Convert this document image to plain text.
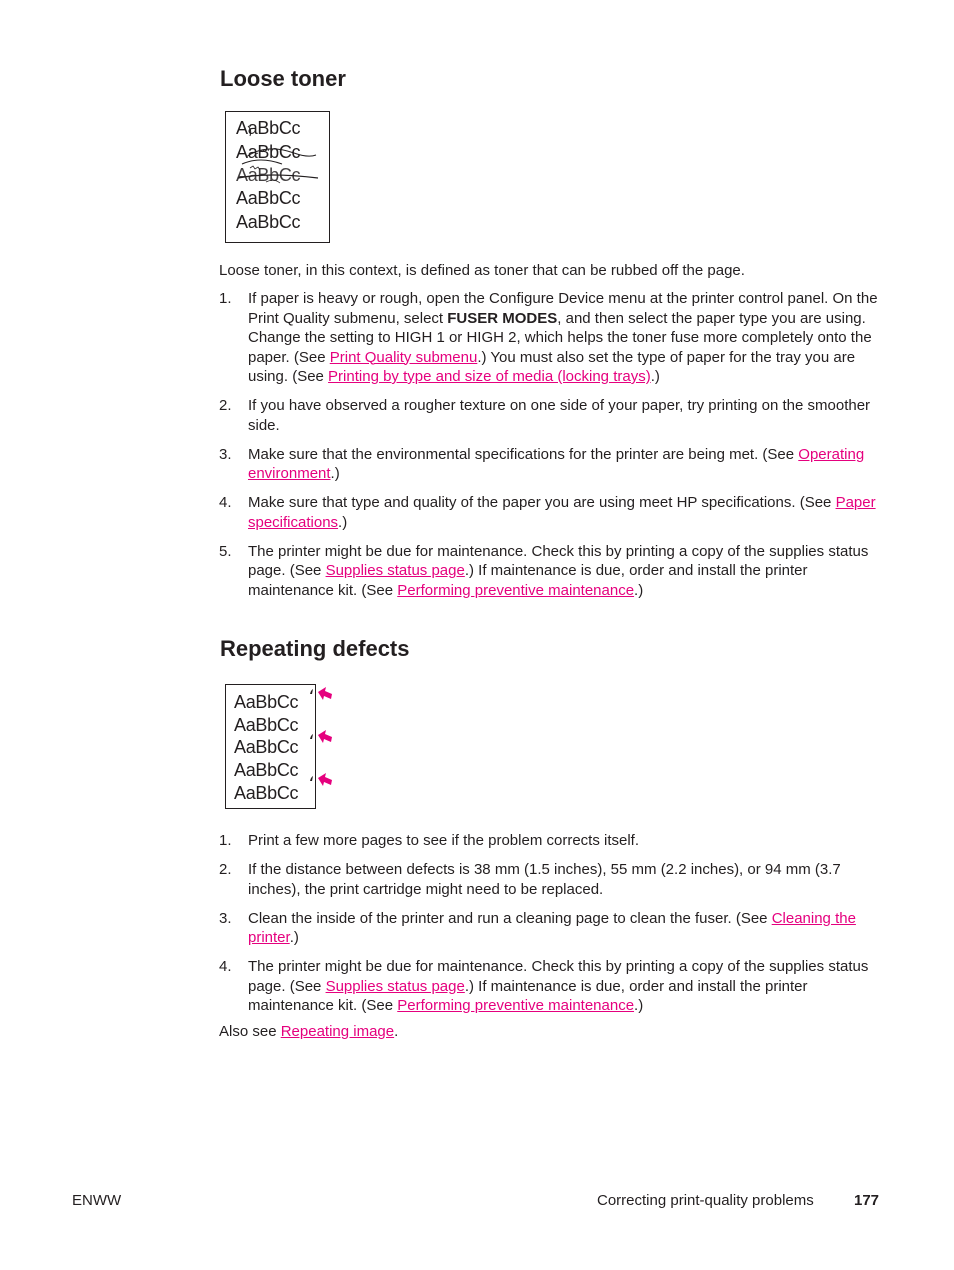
Loose toner
AaBbCc
AaBbCc
AaBbCc
AaBbCc
AaBbCc

Loose toner, in this context, is defined as toner that can be rubbed off the page.

1. If paper is heavy or rough, open the Configure Device menu at the printer control panel. On the Print Quality submenu, select FUSER MODES, and then select the paper type you are using. Change the setting to HIGH 1 or HIGH 2, which helps the toner fuse more completely onto the paper. (See Print Quality submenu.) You must also set the type of paper for the tray you are using. (See Printing by type and size of media (locking trays).)
2. If you have observed a rougher texture on one side of your paper, try printing on the smoother side.
3. Make sure that the environmental specifications for the printer are being met. (See Operating environment.)
4. Make sure that type and quality of the paper you are using meet HP specifications. (See Paper specifications.)
5. The printer might be due for maintenance. Check this by printing a copy of the supplies status page. (See Supplies status page.) If maintenance is due, order and install the printer maintenance kit. (See Performing preventive maintenance.)
Repeating defects
AaBbCc
AaBbCc
AaBbCc
AaBbCc
AaBbCc
1. Print a few more pages to see if the problem corrects itself.
2. If the distance between defects is 38 mm (1.5 inches), 55 mm (2.2 inches), or 94 mm (3.7 inches), the print cartridge might need to be replaced.
3. Clean the inside of the printer and run a cleaning page to clean the fuser. (See Cleaning the printer.)
4. The printer might be due for maintenance. Check this by printing a copy of the supplies status page. (See Supplies status page.) If maintenance is due, order and install the printer maintenance kit. (See Performing preventive maintenance.)

Also see Repeating image.

ENWW	Correcting print-quality problems	177
